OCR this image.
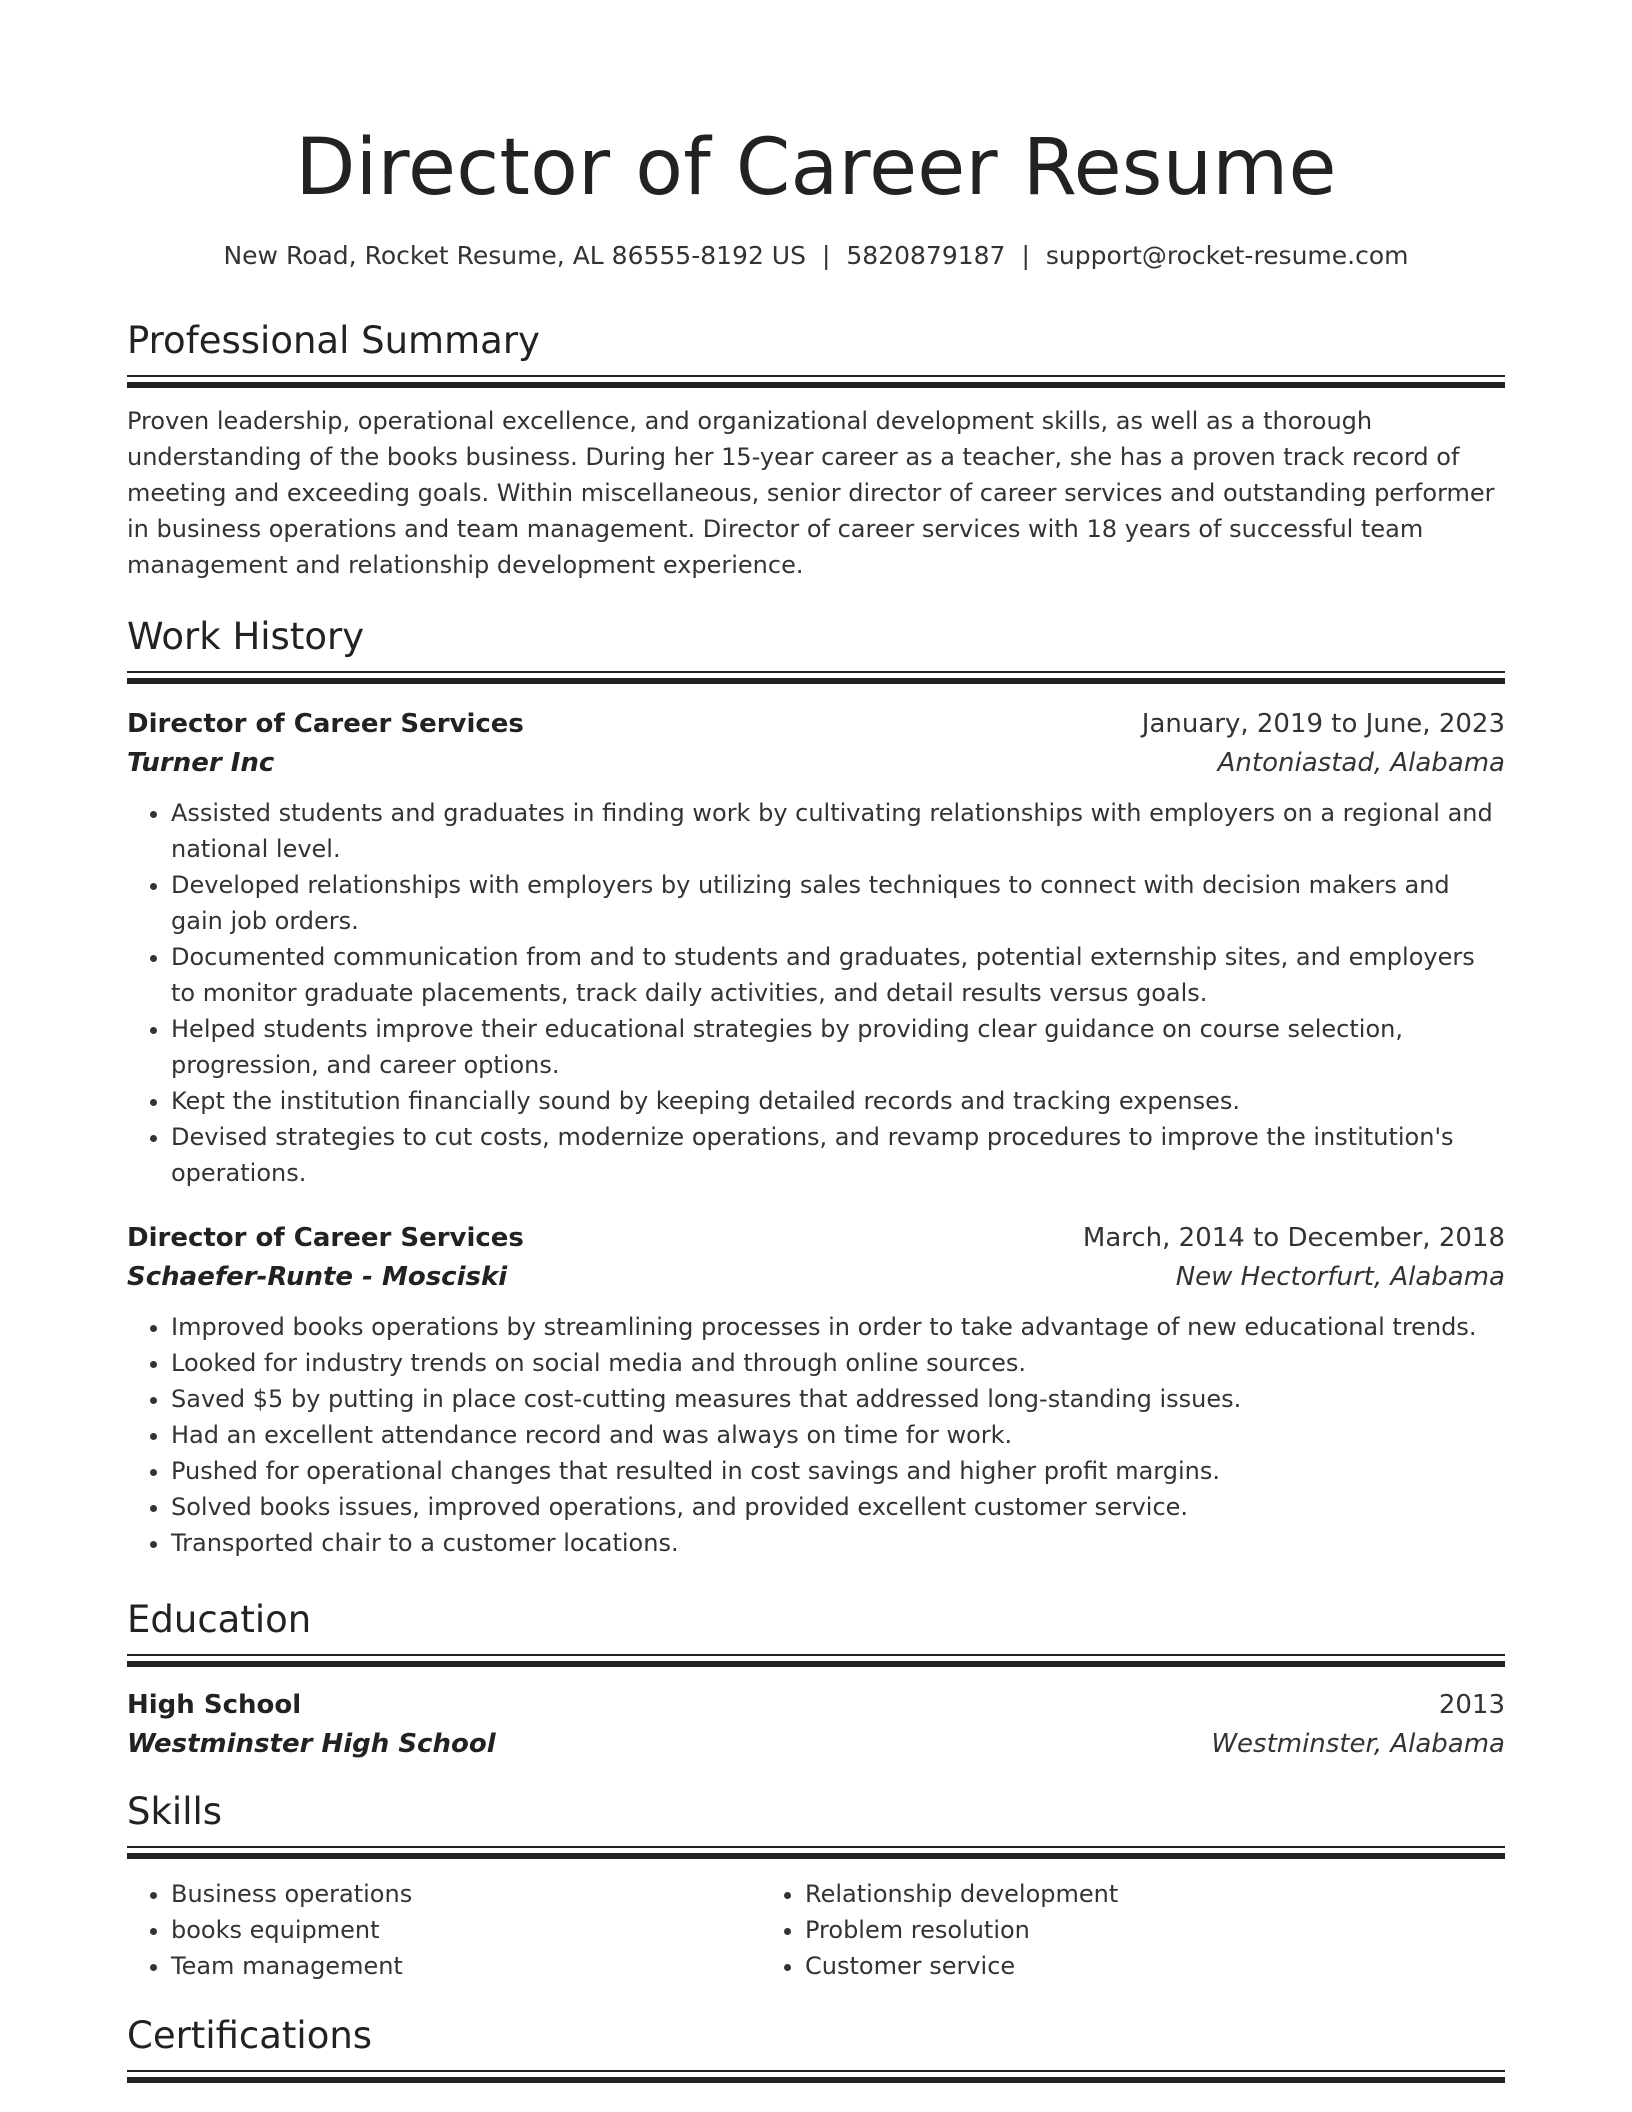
Director of Career Resume
New Road, Rocket Resume, AL 86555-8192 US | 5820879187 | support@rocket-resume.com
Professional Summary
Proven leadership, operational excellence, and organizational development skills, as well as a thorough understanding of the books business. During her 15-year career as a teacher, she has a proven track record of meeting and exceeding goals. Within miscellaneous, senior director of career services and outstanding performer in business operations and team management. Director of career services with 18 years of successful team management and relationship development experience.
Work History
Director of Career Services	January, 2019 to June, 2023
Turner Inc	Antoniastad, Alabama
• Assisted students and graduates in finding work by cultivating relationships with employers on a regional and national level.
• Developed relationships with employers by utilizing sales techniques to connect with decision makers and gain job orders.
• Documented communication from and to students and graduates, potential externship sites, and employers to monitor graduate placements, track daily activities, and detail results versus goals.
• Helped students improve their educational strategies by providing clear guidance on course selection, progression, and career options.
• Kept the institution financially sound by keeping detailed records and tracking expenses.
• Devised strategies to cut costs, modernize operations, and revamp procedures to improve the institution's operations.
Director of Career Services	March, 2014 to December, 2018
Schaefer-Runte - Mosciski	New Hectorfurt, Alabama
• Improved books operations by streamlining processes in order to take advantage of new educational trends.
• Looked for industry trends on social media and through online sources.
• Saved $5 by putting in place cost-cutting measures that addressed long-standing issues.
• Had an excellent attendance record and was always on time for work.
• Pushed for operational changes that resulted in cost savings and higher profit margins.
• Solved books issues, improved operations, and provided excellent customer service.
• Transported chair to a customer locations.
Education
High School	2013
Westminster High School	Westminster, Alabama
Skills
• Business operations
• books equipment
• Team management
• Relationship development
• Problem resolution
• Customer service
Certifications
